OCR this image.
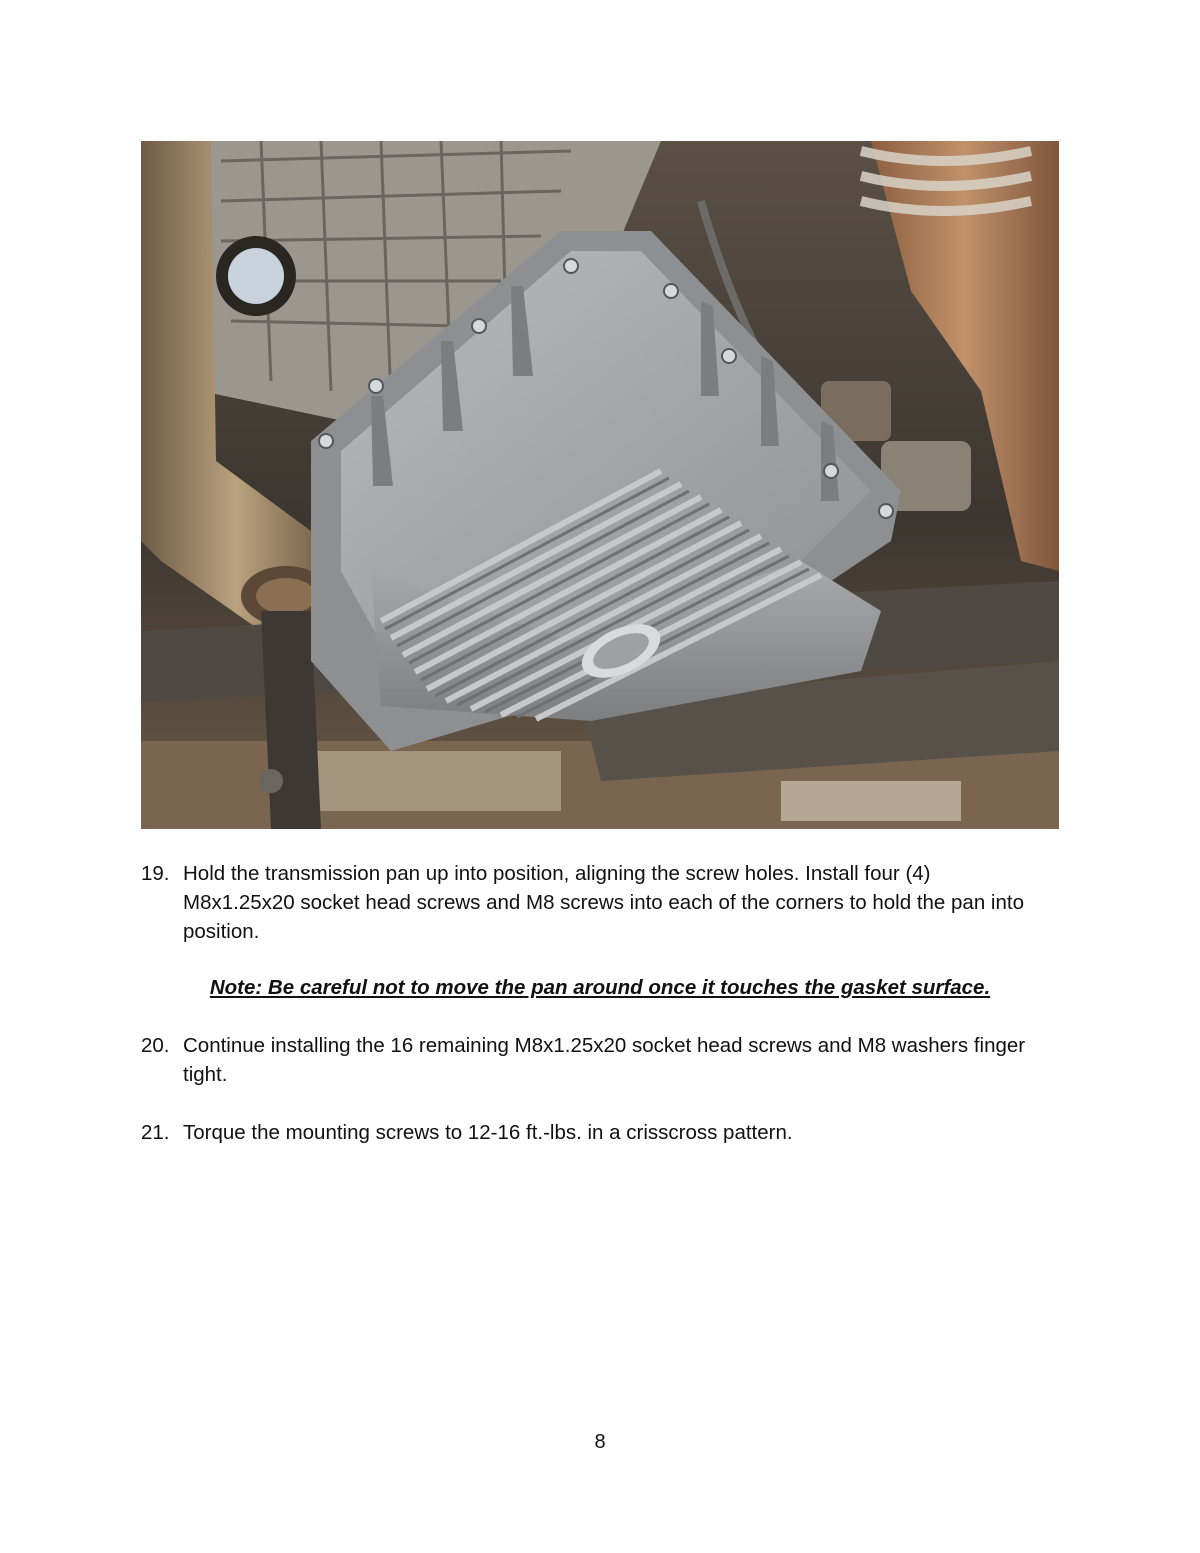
19. Hold the transmission pan up into position, aligning the screw holes. Install four (4) M8x1.25x20 socket head screws and M8 screws into each of the corners to hold the pan into position.
Note: Be careful not to move the pan around once it touches the gasket surface.
20. Continue installing the 16 remaining M8x1.25x20 socket head screws and M8 washers finger tight.
21. Torque the mounting screws to 12-16 ft.-lbs. in a crisscross pattern.
8
